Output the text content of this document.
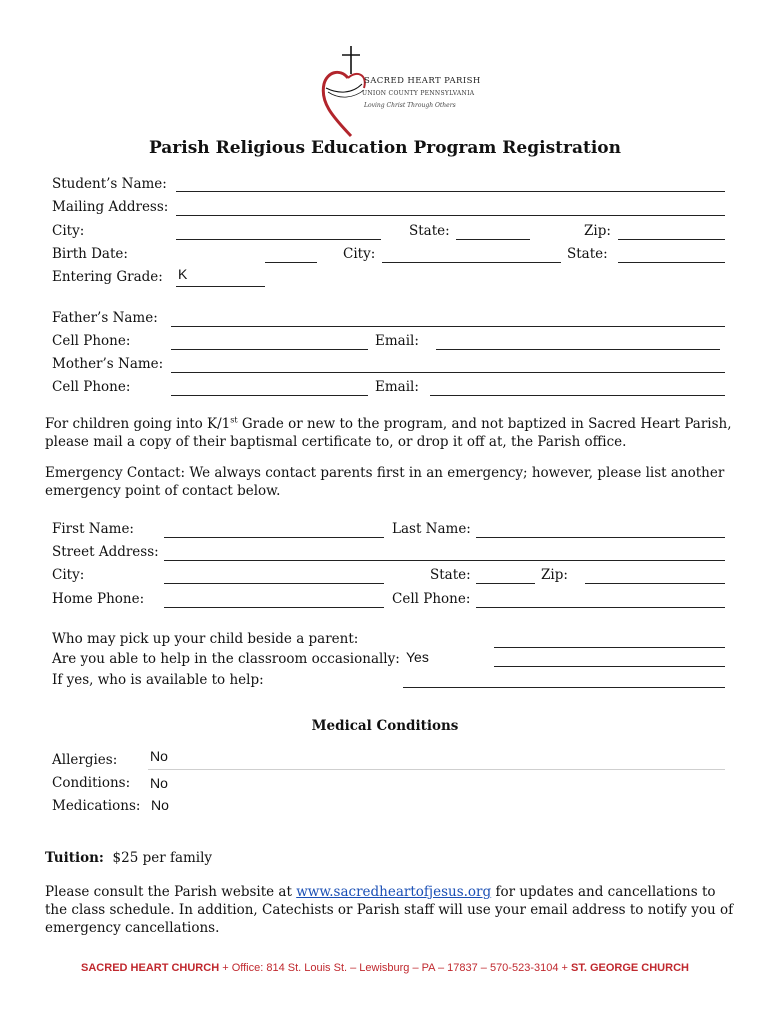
SACRED HEART PARISH
UNION COUNTY PENNSYLVANIA
Loving Christ Through Others
Parish Religious Education Program Registration
Student’s Name:
Mailing Address:
City:	State:	Zip:
Birth Date:	City:	State:
Entering Grade: K
Father’s Name:
Cell Phone:	Email:
Mother’s Name:
Cell Phone:	Email:
For children going into K/1st Grade or new to the program, and not baptized in Sacred Heart Parish, please mail a copy of their baptismal certificate to, or drop it off at, the Parish office.
Emergency Contact: We always contact parents first in an emergency; however, please list another emergency point of contact below.
First Name:	Last Name:
Street Address:
City:	State:	Zip:
Home Phone:	Cell Phone:
Who may pick up your child beside a parent:
Are you able to help in the classroom occasionally: Yes
If yes, who is available to help:
Medical Conditions
Allergies: No
Conditions: No
Medications: No
Tuition: $25 per family
Please consult the Parish website at www.sacredheartofjesus.org for updates and cancellations to the class schedule. In addition, Catechists or Parish staff will use your email address to notify you of emergency cancellations.
SACRED HEART CHURCH + Office: 814 St. Louis St. – Lewisburg – PA – 17837 – 570-523-3104 + ST. GEORGE CHURCH
